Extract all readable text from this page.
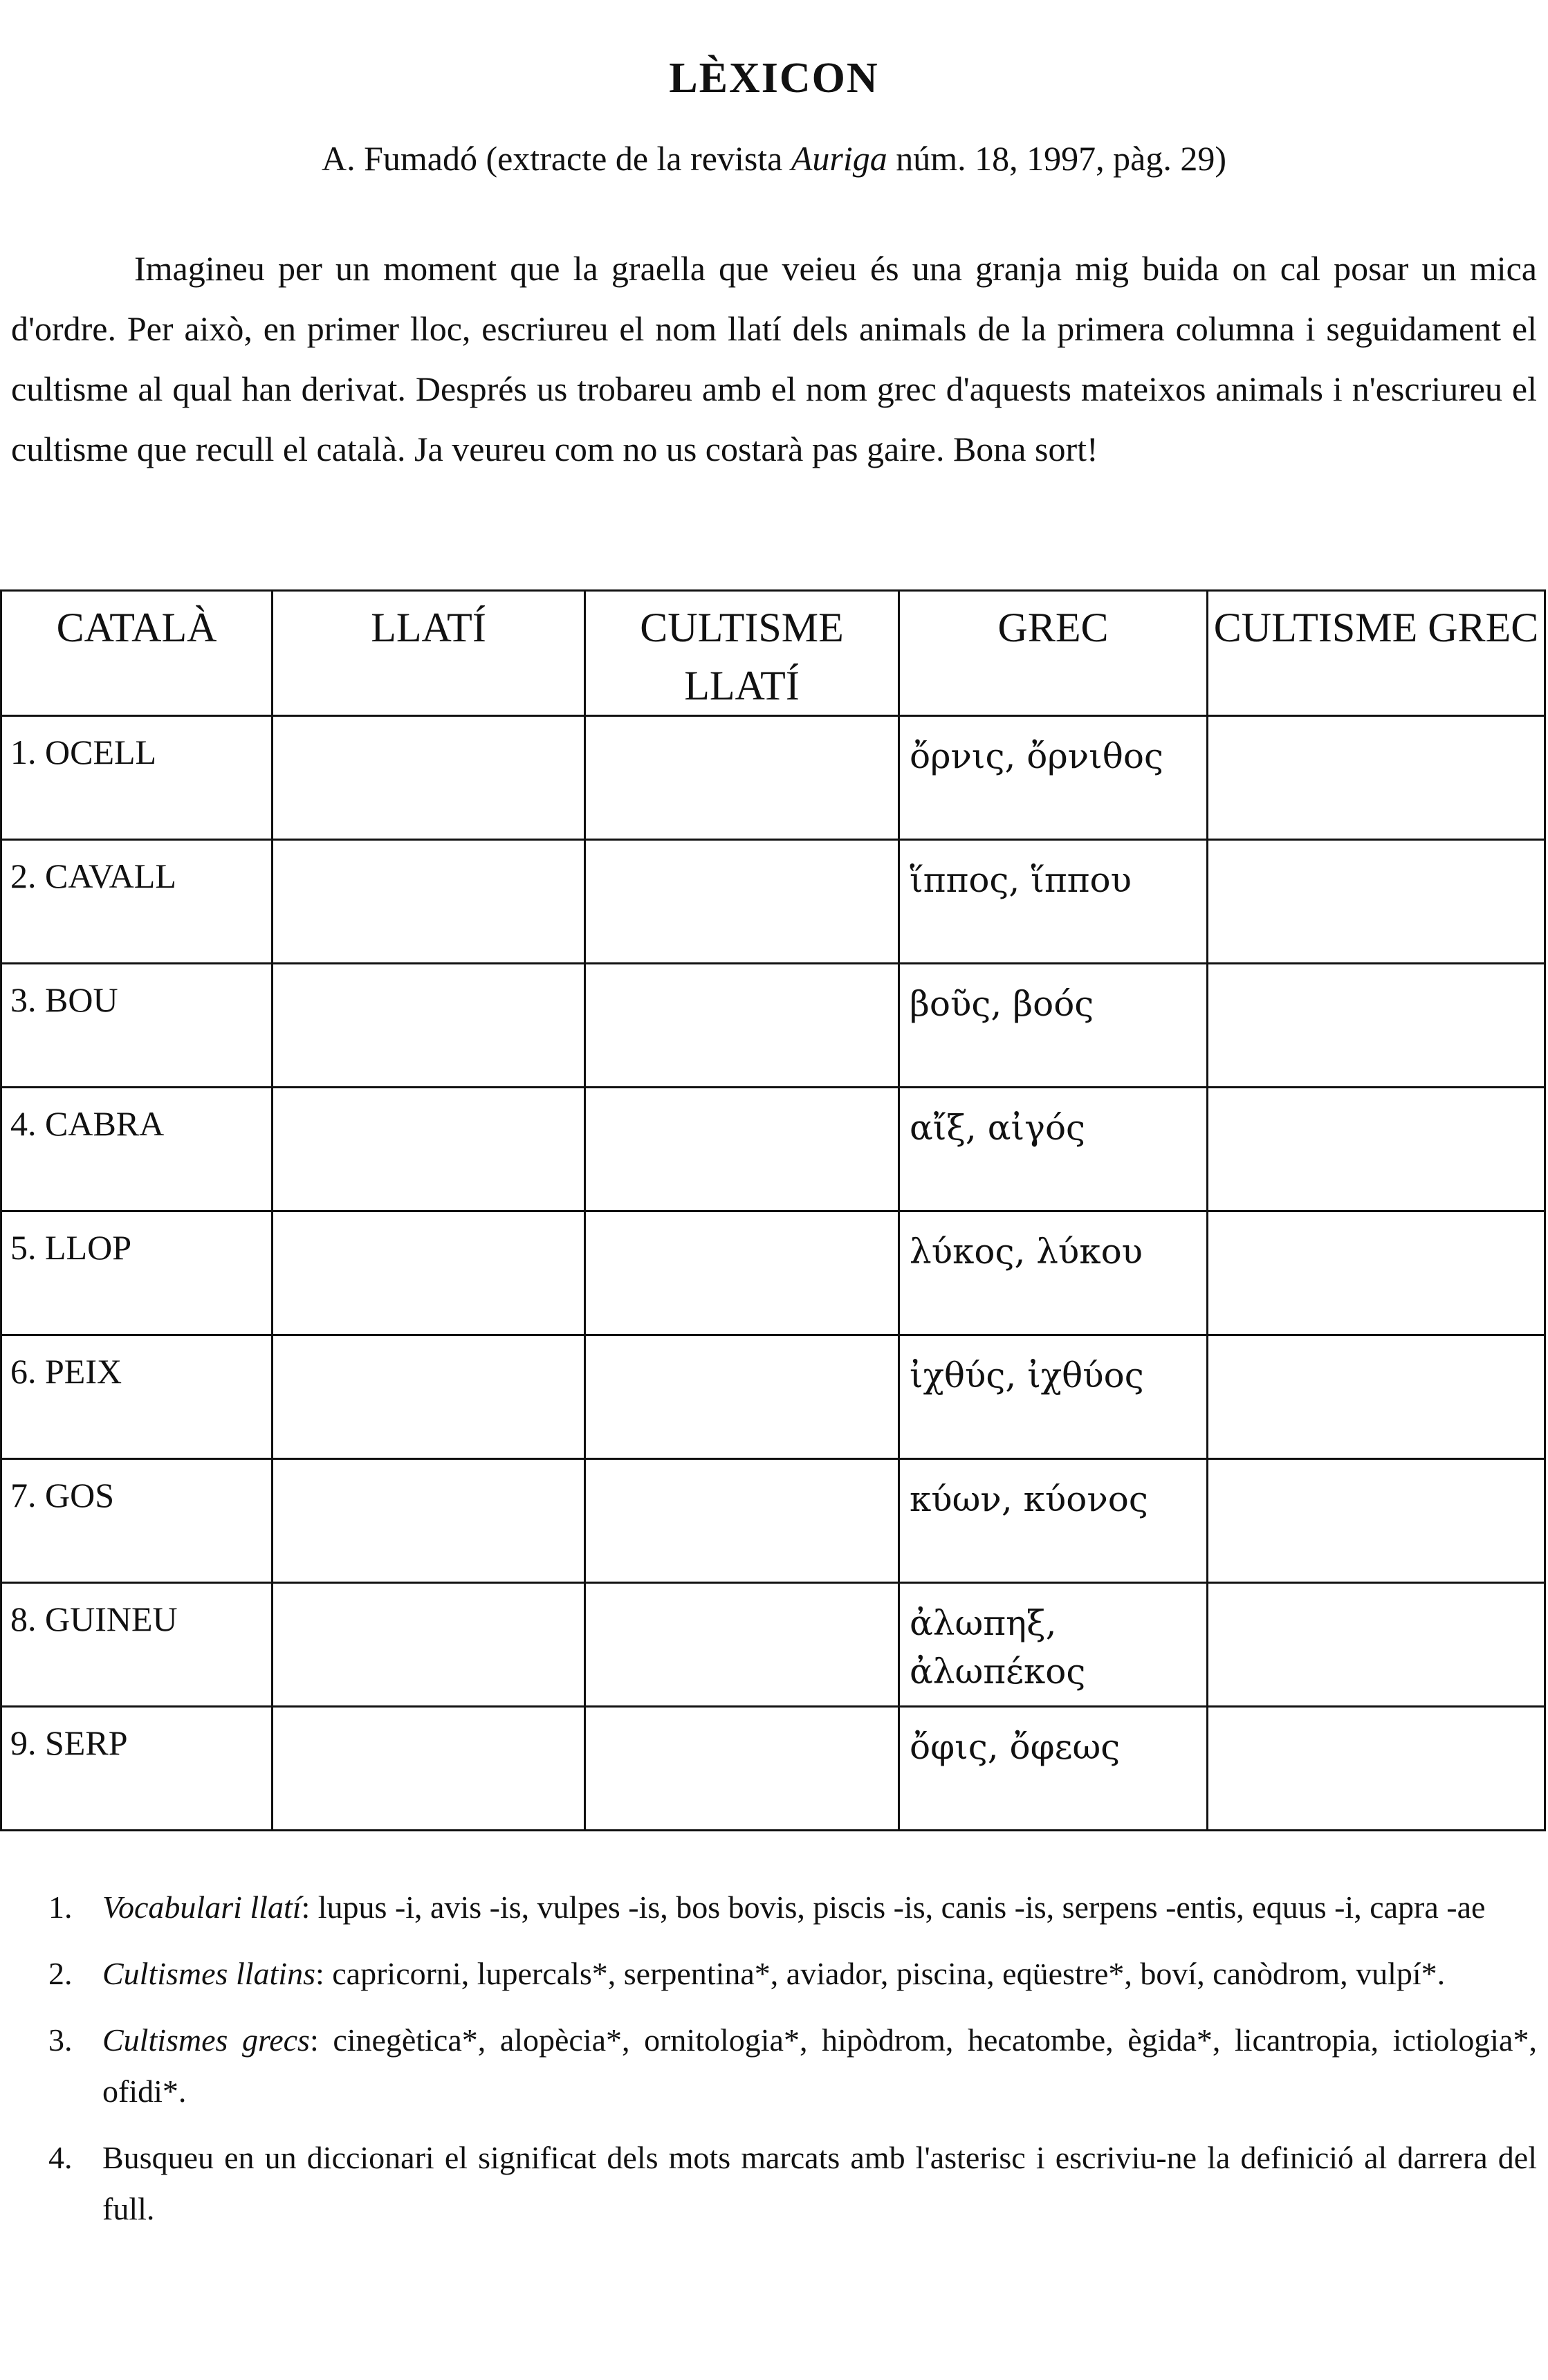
LÈXICON
A. Fumadó (extracte de la revista Auriga núm. 18, 1997, pàg. 29)

Imagineu per un moment que la graella que veieu és una granja mig buida on cal posar un mica d'ordre. Per això, en primer lloc, escriureu el nom llatí dels animals de la primera columna i seguidament el cultisme al qual han derivat. Després us trobareu amb el nom grec d'aquests mateixos animals i n'escriureu el cultisme que recull el català. Ja veureu com no us costarà pas gaire. Bona sort!

CATALÀ	LLATÍ	CULTISME LLATÍ	GREC	CULTISME GREC
1. OCELL			ὄρνις, ὄρνιθος	
2. CAVALL			ἵππος, ἵππου	
3. BOU			βοῦς, βοός	
4. CABRA			αἴξ, αἰγός	
5. LLOP			λύκος, λύκου	
6. PEIX			ἰχθύς, ἰχθύος	
7. GOS			κύων, κύονος	
8. GUINEU			ἀλωπηξ, ἀλωπέκος	
9. SERP			ὄφις, ὄφεως	
1. Vocabulari llatí: lupus -i, avis -is, vulpes -is, bos bovis, piscis -is, canis -is, serpens -entis, equus -i, capra -ae
2. Cultismes llatins: capricorni, lupercals*, serpentina*, aviador, piscina, eqüestre*, boví, canòdrom, vulpí*.
3. Cultismes grecs: cinegètica*, alopècia*, ornitologia*, hipòdrom, hecatombe, ègida*, licantropia, ictiologia*, ofidi*.
4. Busqueu en un diccionari el significat dels mots marcats amb l'asterisc i escriviu-ne la definició al darrera del full.
